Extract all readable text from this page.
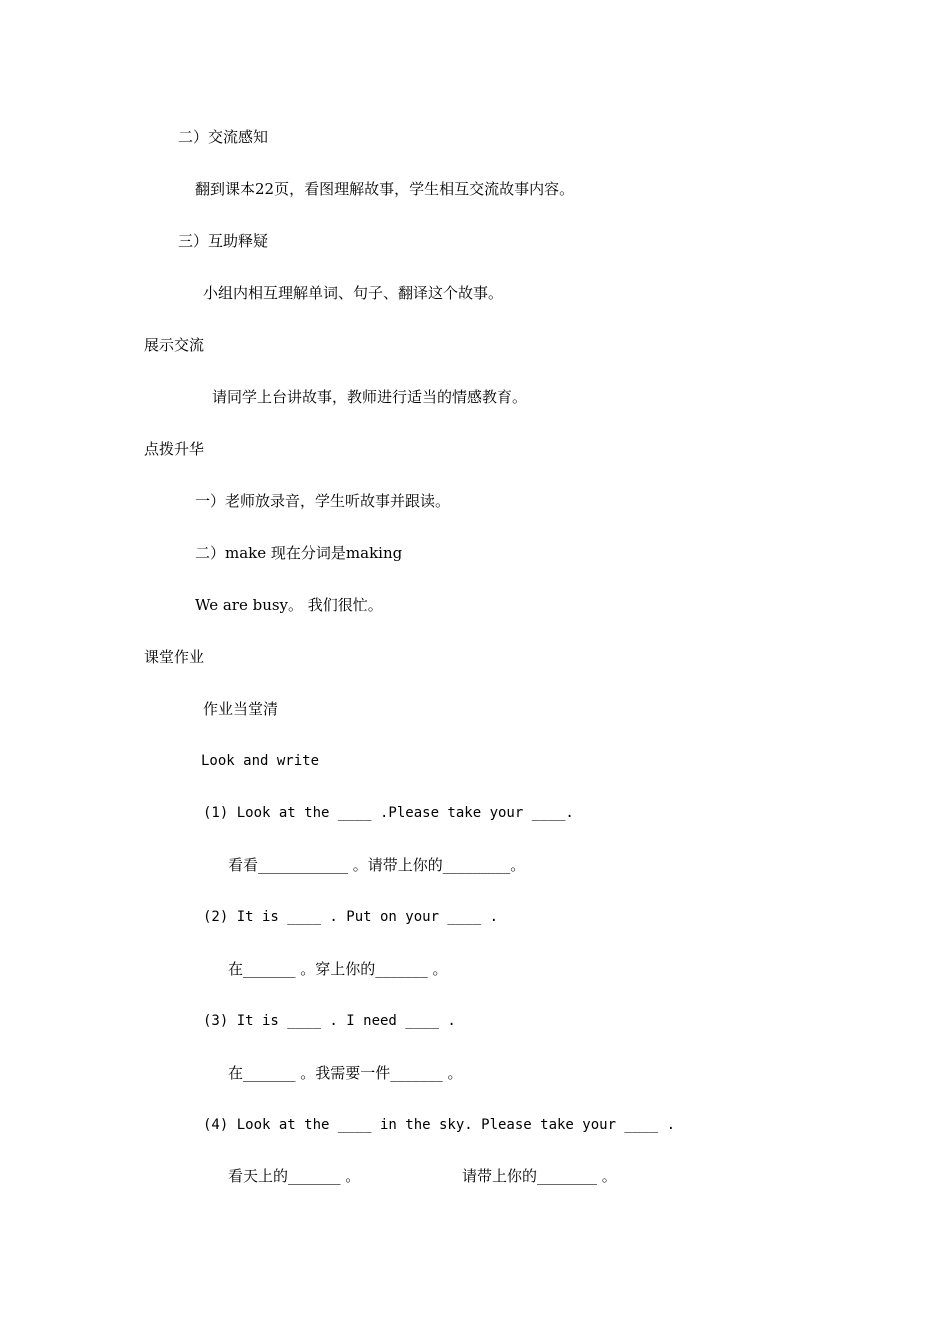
二）交流感知
翻到课本22页，看图理解故事，学生相互交流故事内容。
三）互助释疑
小组内相互理解单词、句子、翻译这个故事。
展示交流
请同学上台讲故事，教师进行适当的情感教育。
点拨升华
一）老师放录音，学生听故事并跟读。
二）make 现在分词是making
We are busy。 我们很忙。
课堂作业
作业当堂清
Look and write
(1) Look at the ____ .Please take your ____.
看看____________ 。请带上你的_________。
(2) It is ____ . Put on your ____ .
在_______ 。穿上你的_______ 。
(3) It is ____ . I need ____ .
在_______ 。我需要一件_______ 。
(4) Look at the ____ in the sky. Please take your ____ .
看天上的_______ 。	请带上你的________ 。
